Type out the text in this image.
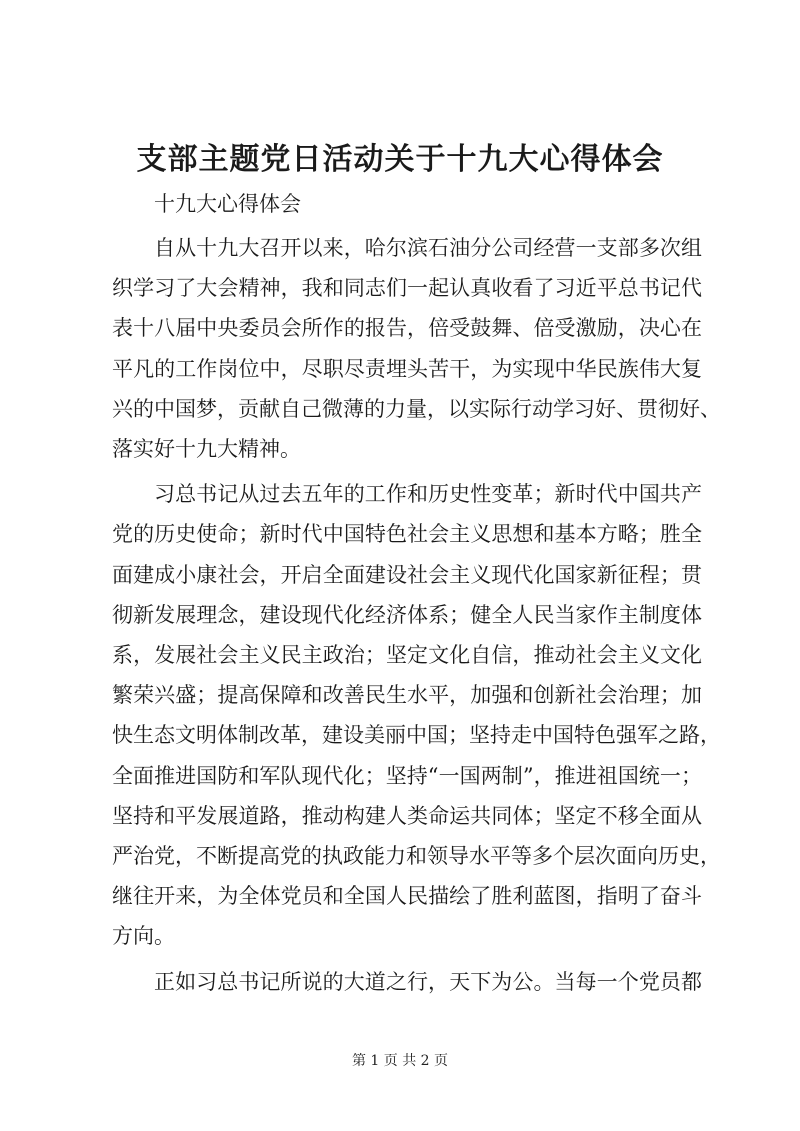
支部主题党日活动关于十九大心得体会

十九大心得体会

自从十九大召开以来，哈尔滨石油分公司经营一支部多次组
织学习了大会精神，我和同志们一起认真收看了习近平总书记代
表十八届中央委员会所作的报告，倍受鼓舞、倍受激励，决心在
平凡的工作岗位中，尽职尽责埋头苦干，为实现中华民族伟大复
兴的中国梦，贡献自己微薄的力量，以实际行动学习好、贯彻好、
落实好十九大精神。
习总书记从过去五年的工作和历史性变革；新时代中国共产
党的历史使命；新时代中国特色社会主义思想和基本方略；胜全
面建成小康社会，开启全面建设社会主义现代化国家新征程；贯
彻新发展理念，建设现代化经济体系；健全人民当家作主制度体
系，发展社会主义民主政治；坚定文化自信，推动社会主义文化
繁荣兴盛；提高保障和改善民生水平，加强和创新社会治理；加
快生态文明体制改革，建设美丽中国；坚持走中国特色强军之路，
全面推进国防和军队现代化；坚持“一国两制”，推进祖国统一；
坚持和平发展道路，推动构建人类命运共同体；坚定不移全面从
严治党，不断提高党的执政能力和领导水平等多个层次面向历史，
继往开来，为全体党员和全国人民描绘了胜利蓝图，指明了奋斗
方向。
正如习总书记所说的大道之行，天下为公。当每一个党员都
第 1 页 共 2 页
